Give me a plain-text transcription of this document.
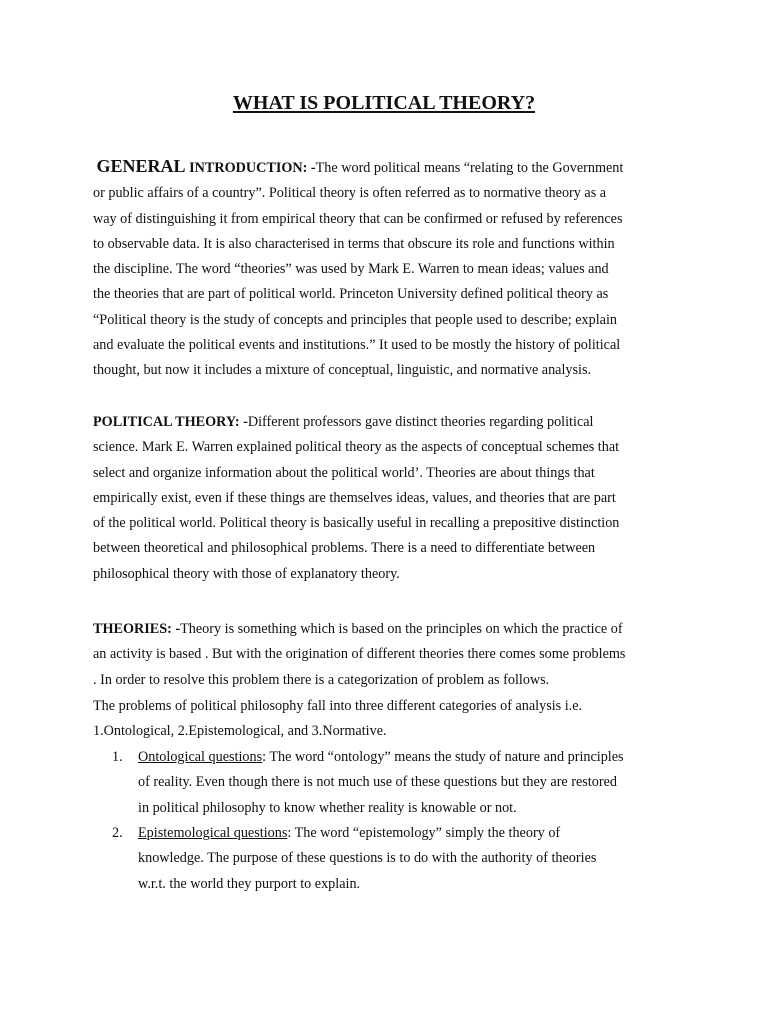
WHAT IS POLITICAL THEORY?

GENERAL INTRODUCTION: -The word political means “relating to the Government
or public affairs of a country”. Political theory is often referred as to normative theory as a
way of distinguishing it from empirical theory that can be confirmed or refused by references
to observable data. It is also characterised in terms that obscure its role and functions within
the discipline. The word “theories” was used by Mark E. Warren to mean ideas; values and
the theories that are part of political world. Princeton University defined political theory as
“Political theory is the study of concepts and principles that people used to describe; explain
and evaluate the political events and institutions.” It used to be mostly the history of political
thought, but now it includes a mixture of conceptual, linguistic, and normative analysis.

POLITICAL THEORY: -Different professors gave distinct theories regarding political
science. Mark E. Warren explained political theory as the aspects of conceptual schemes that
select and organize information about the political world’. Theories are about things that
empirically exist, even if these things are themselves ideas, values, and theories that are part
of the political world. Political theory is basically useful in recalling a prepositive distinction
between theoretical and philosophical problems. There is a need to differentiate between
philosophical theory with those of explanatory theory.

THEORIES: -Theory is something which is based on the principles on which the practice of
an activity is based . But with the origination of different theories there comes some problems
. In order to resolve this problem there is a categorization of problem as follows.

The problems of political philosophy fall into three different categories of analysis i.e.

1.Ontological, 2.Epistemological, and 3.Normative.

1. Ontological questions: The word “ontology” means the study of nature and principles
of reality. Even though there is not much use of these questions but they are restored
in political philosophy to know whether reality is knowable or not.
2. Epistemological questions: The word “epistemology” simply the theory of
knowledge. The purpose of these questions is to do with the authority of theories
w.r.t. the world they purport to explain.
